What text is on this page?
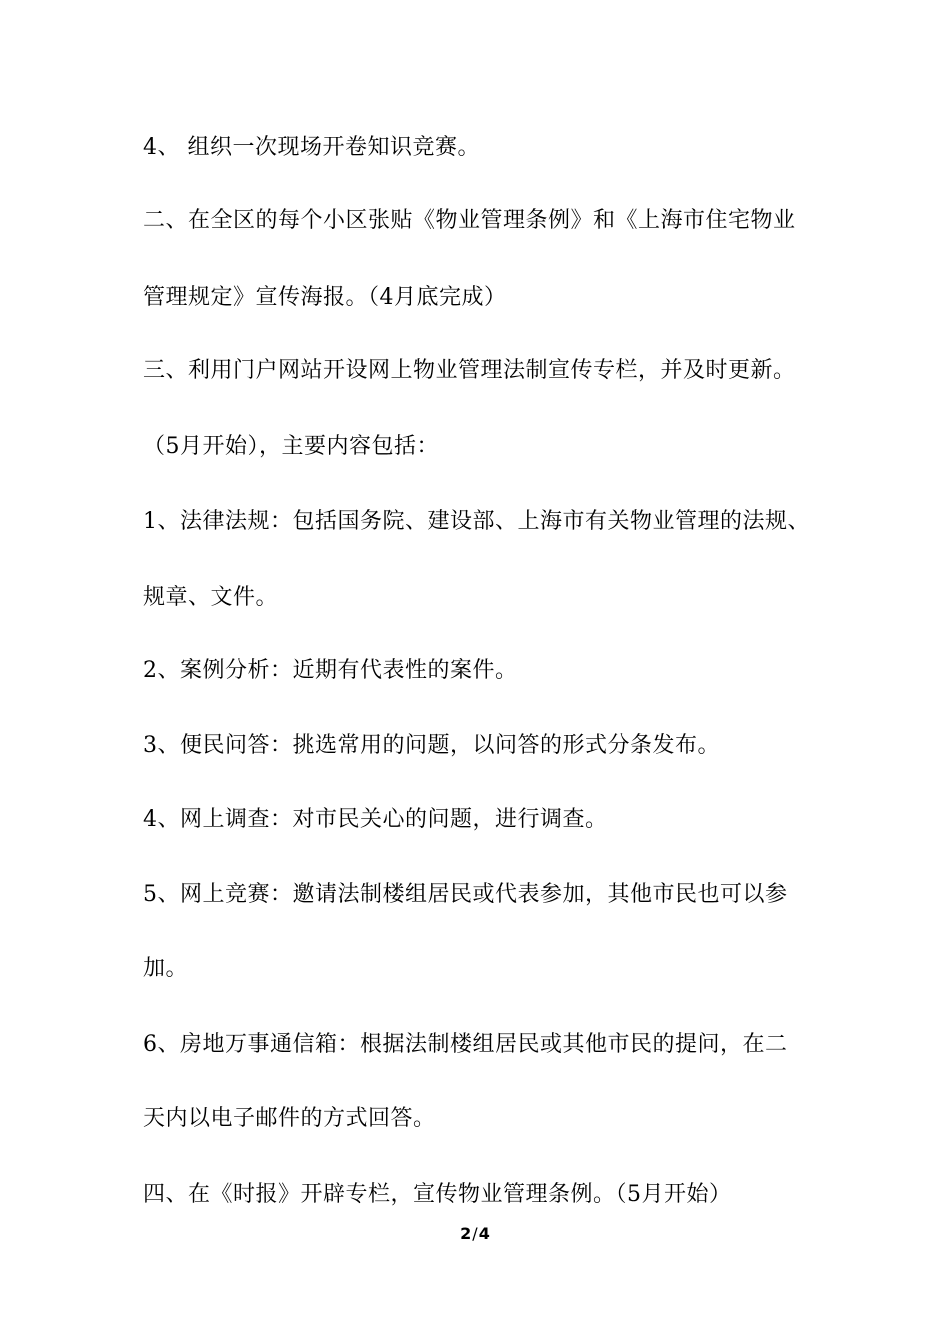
4、 组织一次现场开卷知识竞赛。
二、在全区的每个小区张贴《物业管理条例》和《上海市住宅物业
管理规定》宣传海报。（4月底完成）
三、利用门户网站开设网上物业管理法制宣传专栏，并及时更新。
（5月开始），主要内容包括：
1、法律法规：包括国务院、建设部、上海市有关物业管理的法规、
规章、文件。
2、案例分析：近期有代表性的案件。
3、便民问答：挑选常用的问题，以问答的形式分条发布。
4、网上调查：对市民关心的问题，进行调查。
5、网上竞赛：邀请法制楼组居民或代表参加，其他市民也可以参
加。
6、房地万事通信箱：根据法制楼组居民或其他市民的提问，在二
天内以电子邮件的方式回答。
四、在《时报》开辟专栏，宣传物业管理条例。（5月开始）
2/4
